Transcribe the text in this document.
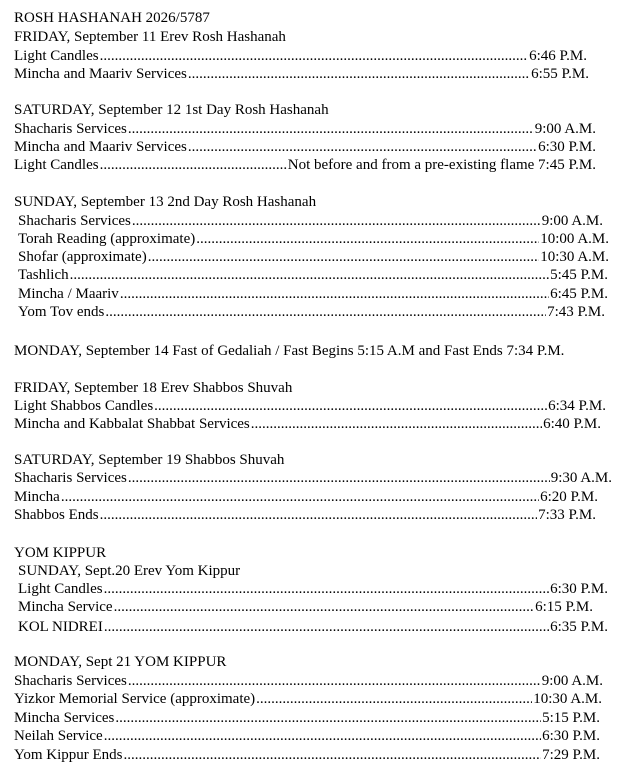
ROSH HASHANAH 2026/5787
FRIDAY, September 11 Erev Rosh Hashanah
Light Candles .....	6:46 P.M.
Mincha and Maariv Services .....	6:55 P.M.
SATURDAY, September 12 1st Day Rosh Hashanah
Shacharis Services .....	9:00 A.M.
Mincha and Maariv Services .....	6:30 P.M.
Light Candles .....	Not before and from a pre-existing flame 7:45 P.M.
SUNDAY, September 13 2nd Day Rosh Hashanah
Shacharis Services .....	9:00 A.M.
Torah Reading (approximate) .....	10:00 A.M.
Shofar (approximate) .....	10:30 A.M.
Tashlich .....	5:45 P.M.
Mincha / Maariv .....	6:45 P.M.
Yom Tov ends .....	7:43 P.M.
MONDAY, September 14 Fast of Gedaliah / Fast Begins 5:15 A.M and Fast Ends 7:34 P.M.
FRIDAY, September 18 Erev Shabbos Shuvah
Light Shabbos Candles .....	6:34 P.M.
Mincha and Kabbalat Shabbat Services .....	6:40 P.M.
SATURDAY, September 19 Shabbos Shuvah
Shacharis Services .....	9:30 A.M.
Mincha .....	6:20 P.M.
Shabbos Ends .....	7:33 P.M.
YOM KIPPUR
SUNDAY, Sept.20 Erev Yom Kippur
Light Candles .....	6:30 P.M.
Mincha Service .....	6:15 P.M.
KOL NIDREI .....	6:35 P.M.
MONDAY, Sept 21 YOM KIPPUR
Shacharis Services .....	9:00 A.M.
Yizkor Memorial Service (approximate) .....	10:30 A.M.
Mincha Services .....	5:15 P.M.
Neilah Service .....	6:30 P.M.
Yom Kippur Ends .....	7:29 P.M.
